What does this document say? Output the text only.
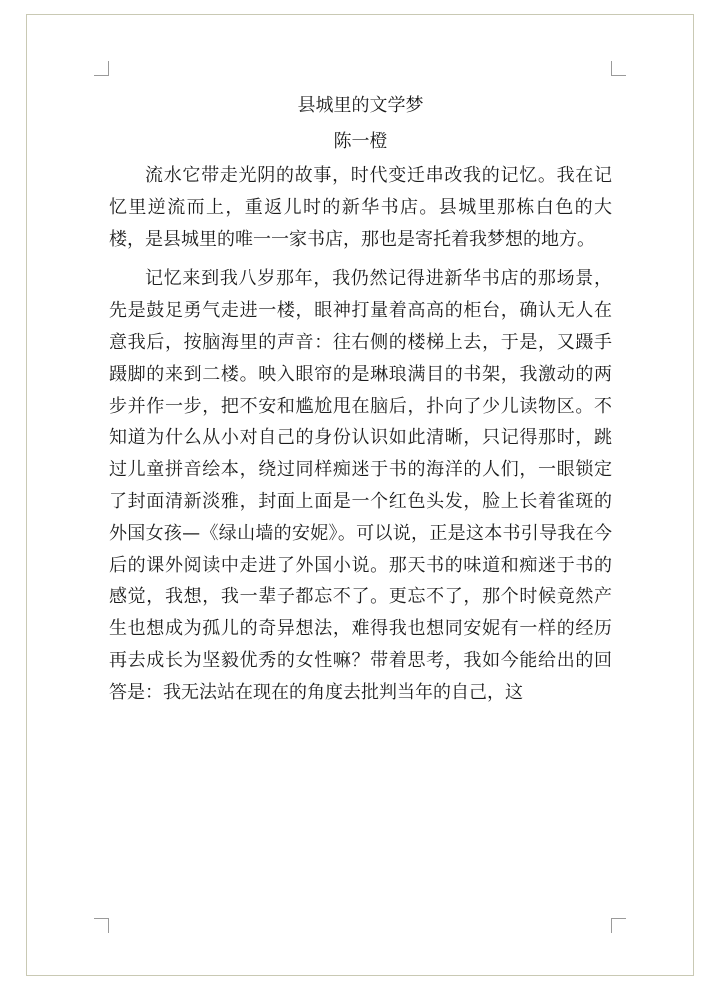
县城里的文学梦

陈一橙

流水它带走光阴的故事，时代变迁串改我的记忆。我在记忆里逆流而上，重返儿时的新华书店。县城里那栋白色的大楼，是县城里的唯一一家书店，那也是寄托着我梦想的地方。

记忆来到我八岁那年，我仍然记得进新华书店的那场景，先是鼓足勇气走进一楼，眼神打量着高高的柜台，确认无人在意我后，按脑海里的声音：往右侧的楼梯上去，于是，又蹑手蹑脚的来到二楼。映入眼帘的是琳琅满目的书架，我激动的两步并作一步，把不安和尴尬甩在脑后，扑向了少儿读物区。不知道为什么从小对自己的身份认识如此清晰，只记得那时，跳过儿童拼音绘本，绕过同样痴迷于书的海洋的人们，一眼锁定了封面清新淡雅，封面上面是一个红色头发，脸上长着雀斑的外国女孩—《绿山墙的安妮》。可以说，正是这本书引导我在今后的课外阅读中走进了外国小说。那天书的味道和痴迷于书的感觉，我想，我一辈子都忘不了。更忘不了，那个时候竟然产生也想成为孤儿的奇异想法，难得我也想同安妮有一样的经历再去成长为坚毅优秀的女性嘛？带着思考，我如今能给出的回答是：我无法站在现在的角度去批判当年的自己，这
